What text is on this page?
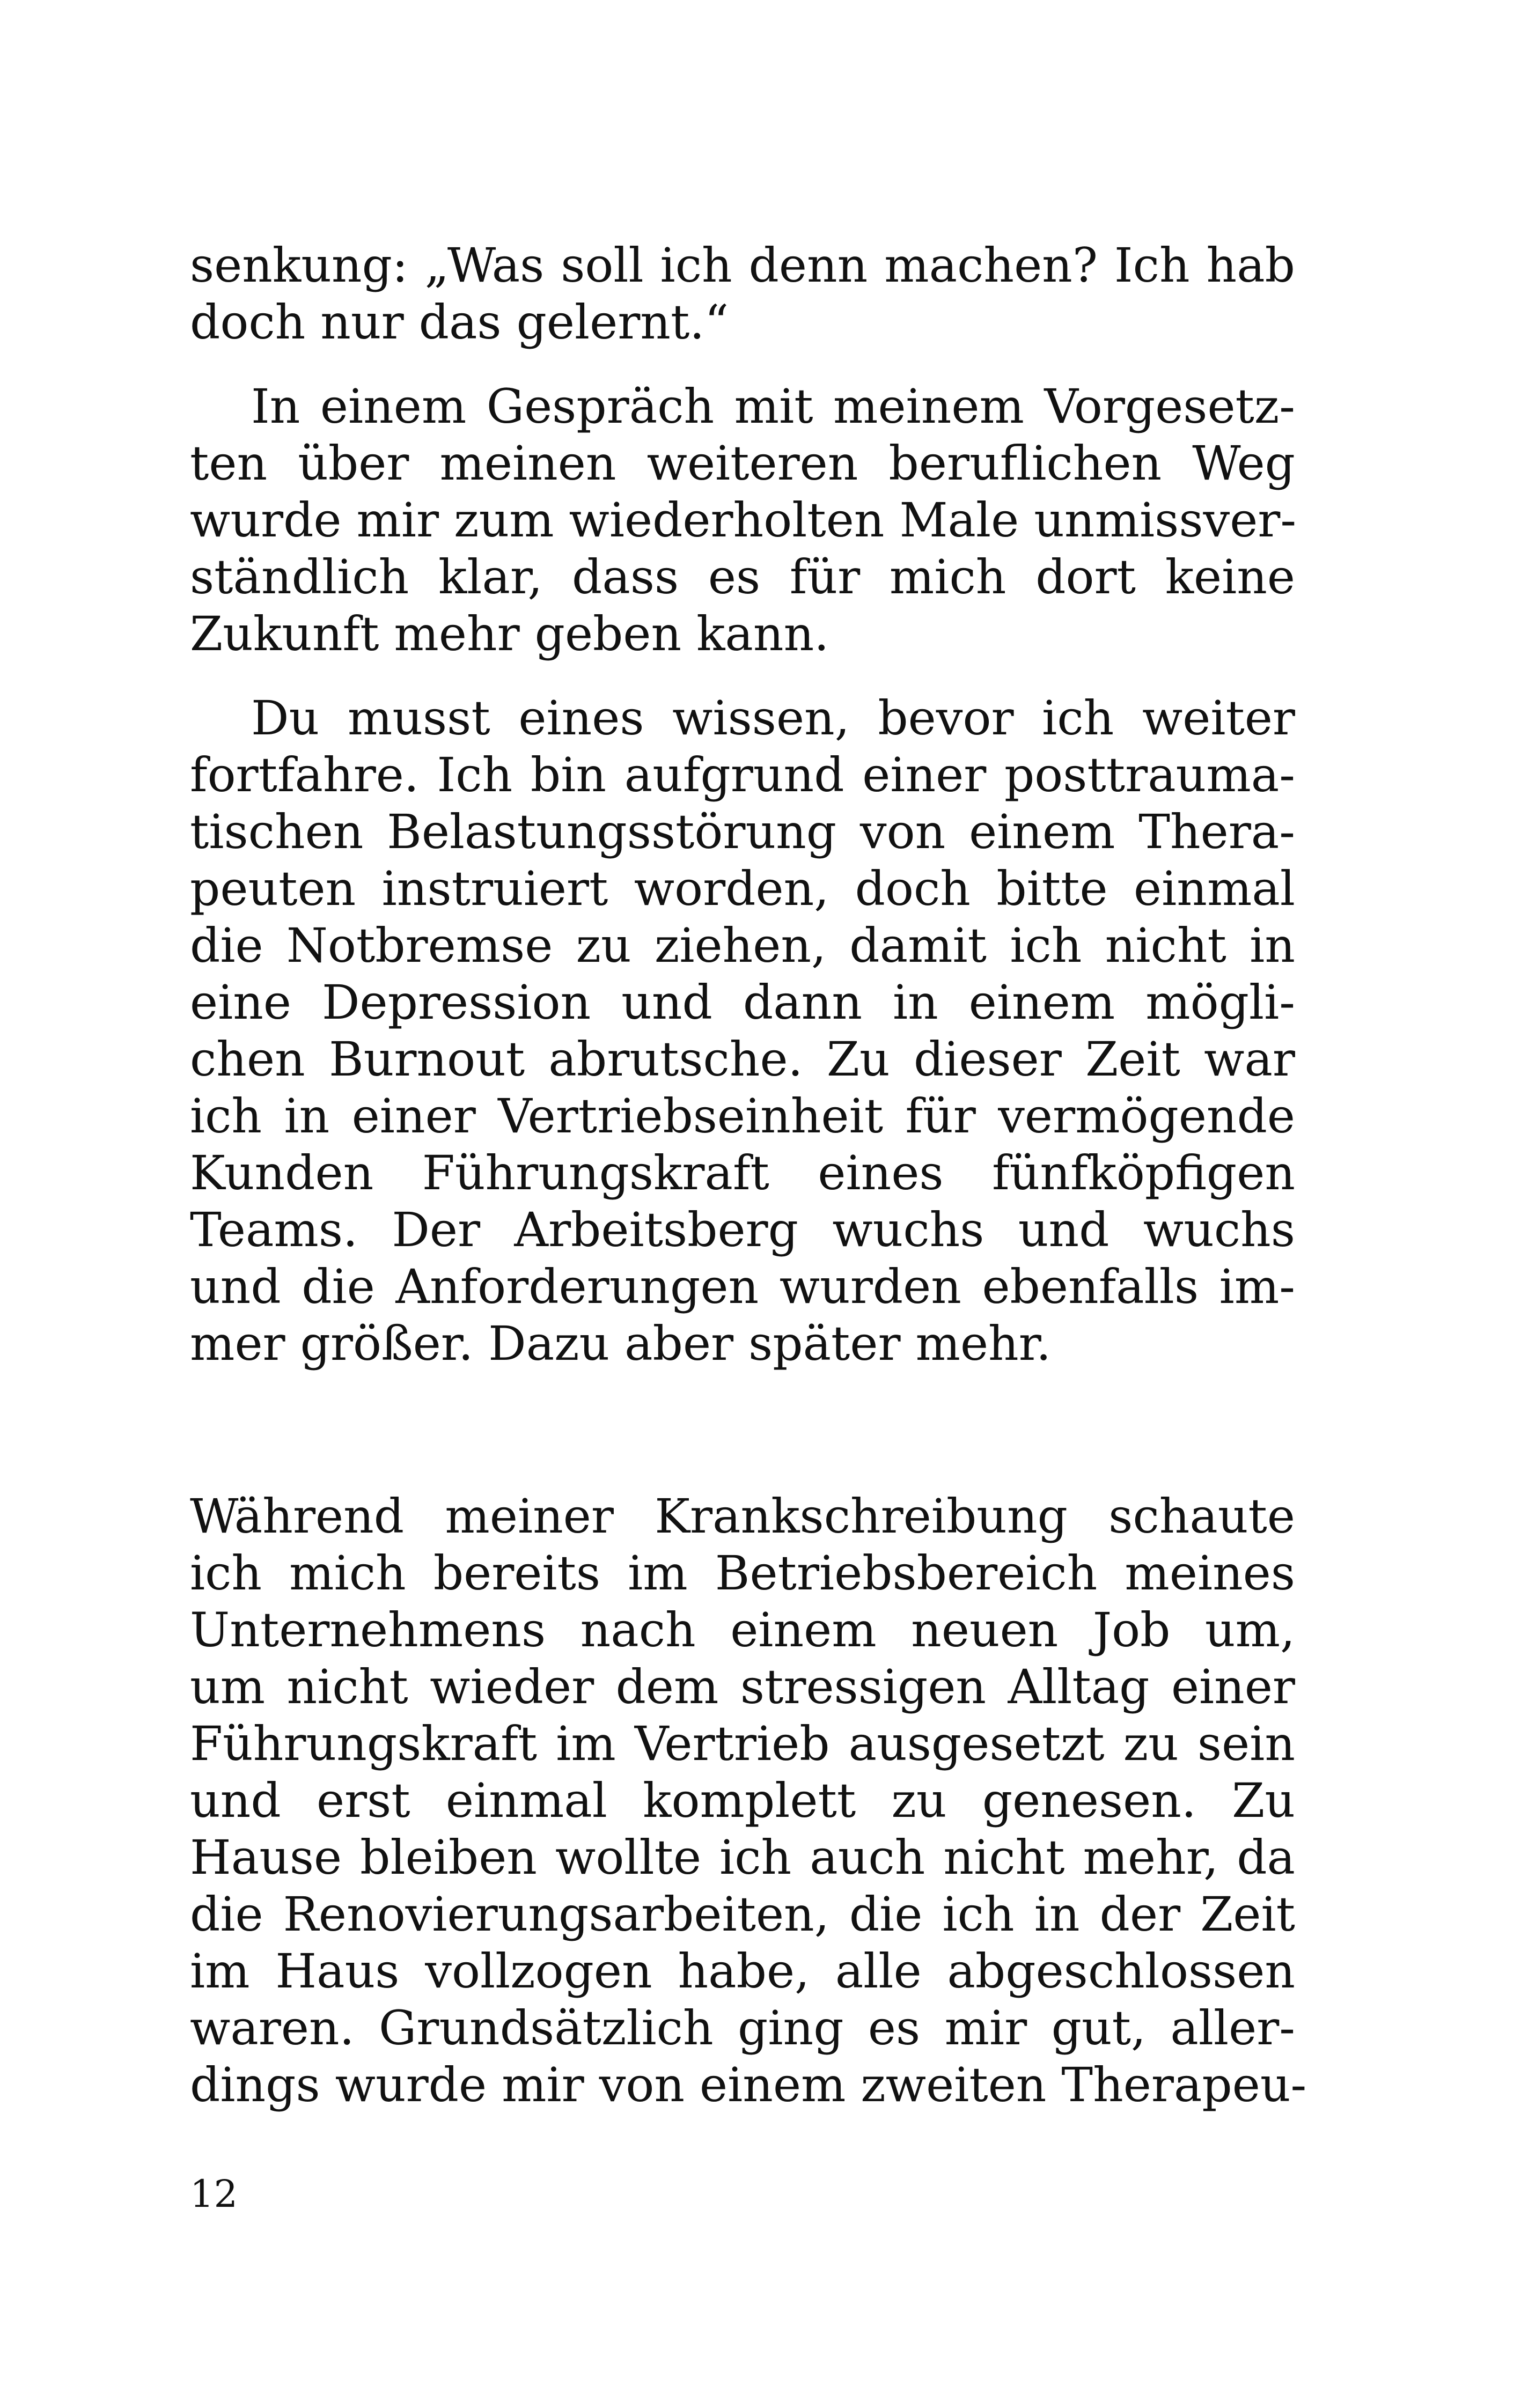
senkung: „Was soll ich denn machen? Ich hab
doch nur das gelernt.“
In einem Gespräch mit meinem Vorgesetz-
ten über meinen weiteren beruflichen Weg
wurde mir zum wiederholten Male unmissver-
ständlich klar, dass es für mich dort keine
Zukunft mehr geben kann.
Du musst eines wissen, bevor ich weiter
fortfahre. Ich bin aufgrund einer posttrauma-
tischen Belastungsstörung von einem Thera-
peuten instruiert worden, doch bitte einmal
die Notbremse zu ziehen, damit ich nicht in
eine Depression und dann in einem mögli-
chen Burnout abrutsche. Zu dieser Zeit war
ich in einer Vertriebseinheit für vermögende
Kunden Führungskraft eines fünfköpfigen
Teams. Der Arbeitsberg wuchs und wuchs
und die Anforderungen wurden ebenfalls im-
mer größer. Dazu aber später mehr.
Während meiner Krankschreibung schaute
ich mich bereits im Betriebsbereich meines
Unternehmens nach einem neuen Job um,
um nicht wieder dem stressigen Alltag einer
Führungskraft im Vertrieb ausgesetzt zu sein
und erst einmal komplett zu genesen. Zu
Hause bleiben wollte ich auch nicht mehr, da
die Renovierungsarbeiten, die ich in der Zeit
im Haus vollzogen habe, alle abgeschlossen
waren. Grundsätzlich ging es mir gut, aller-
dings wurde mir von einem zweiten Therapeu-
12
